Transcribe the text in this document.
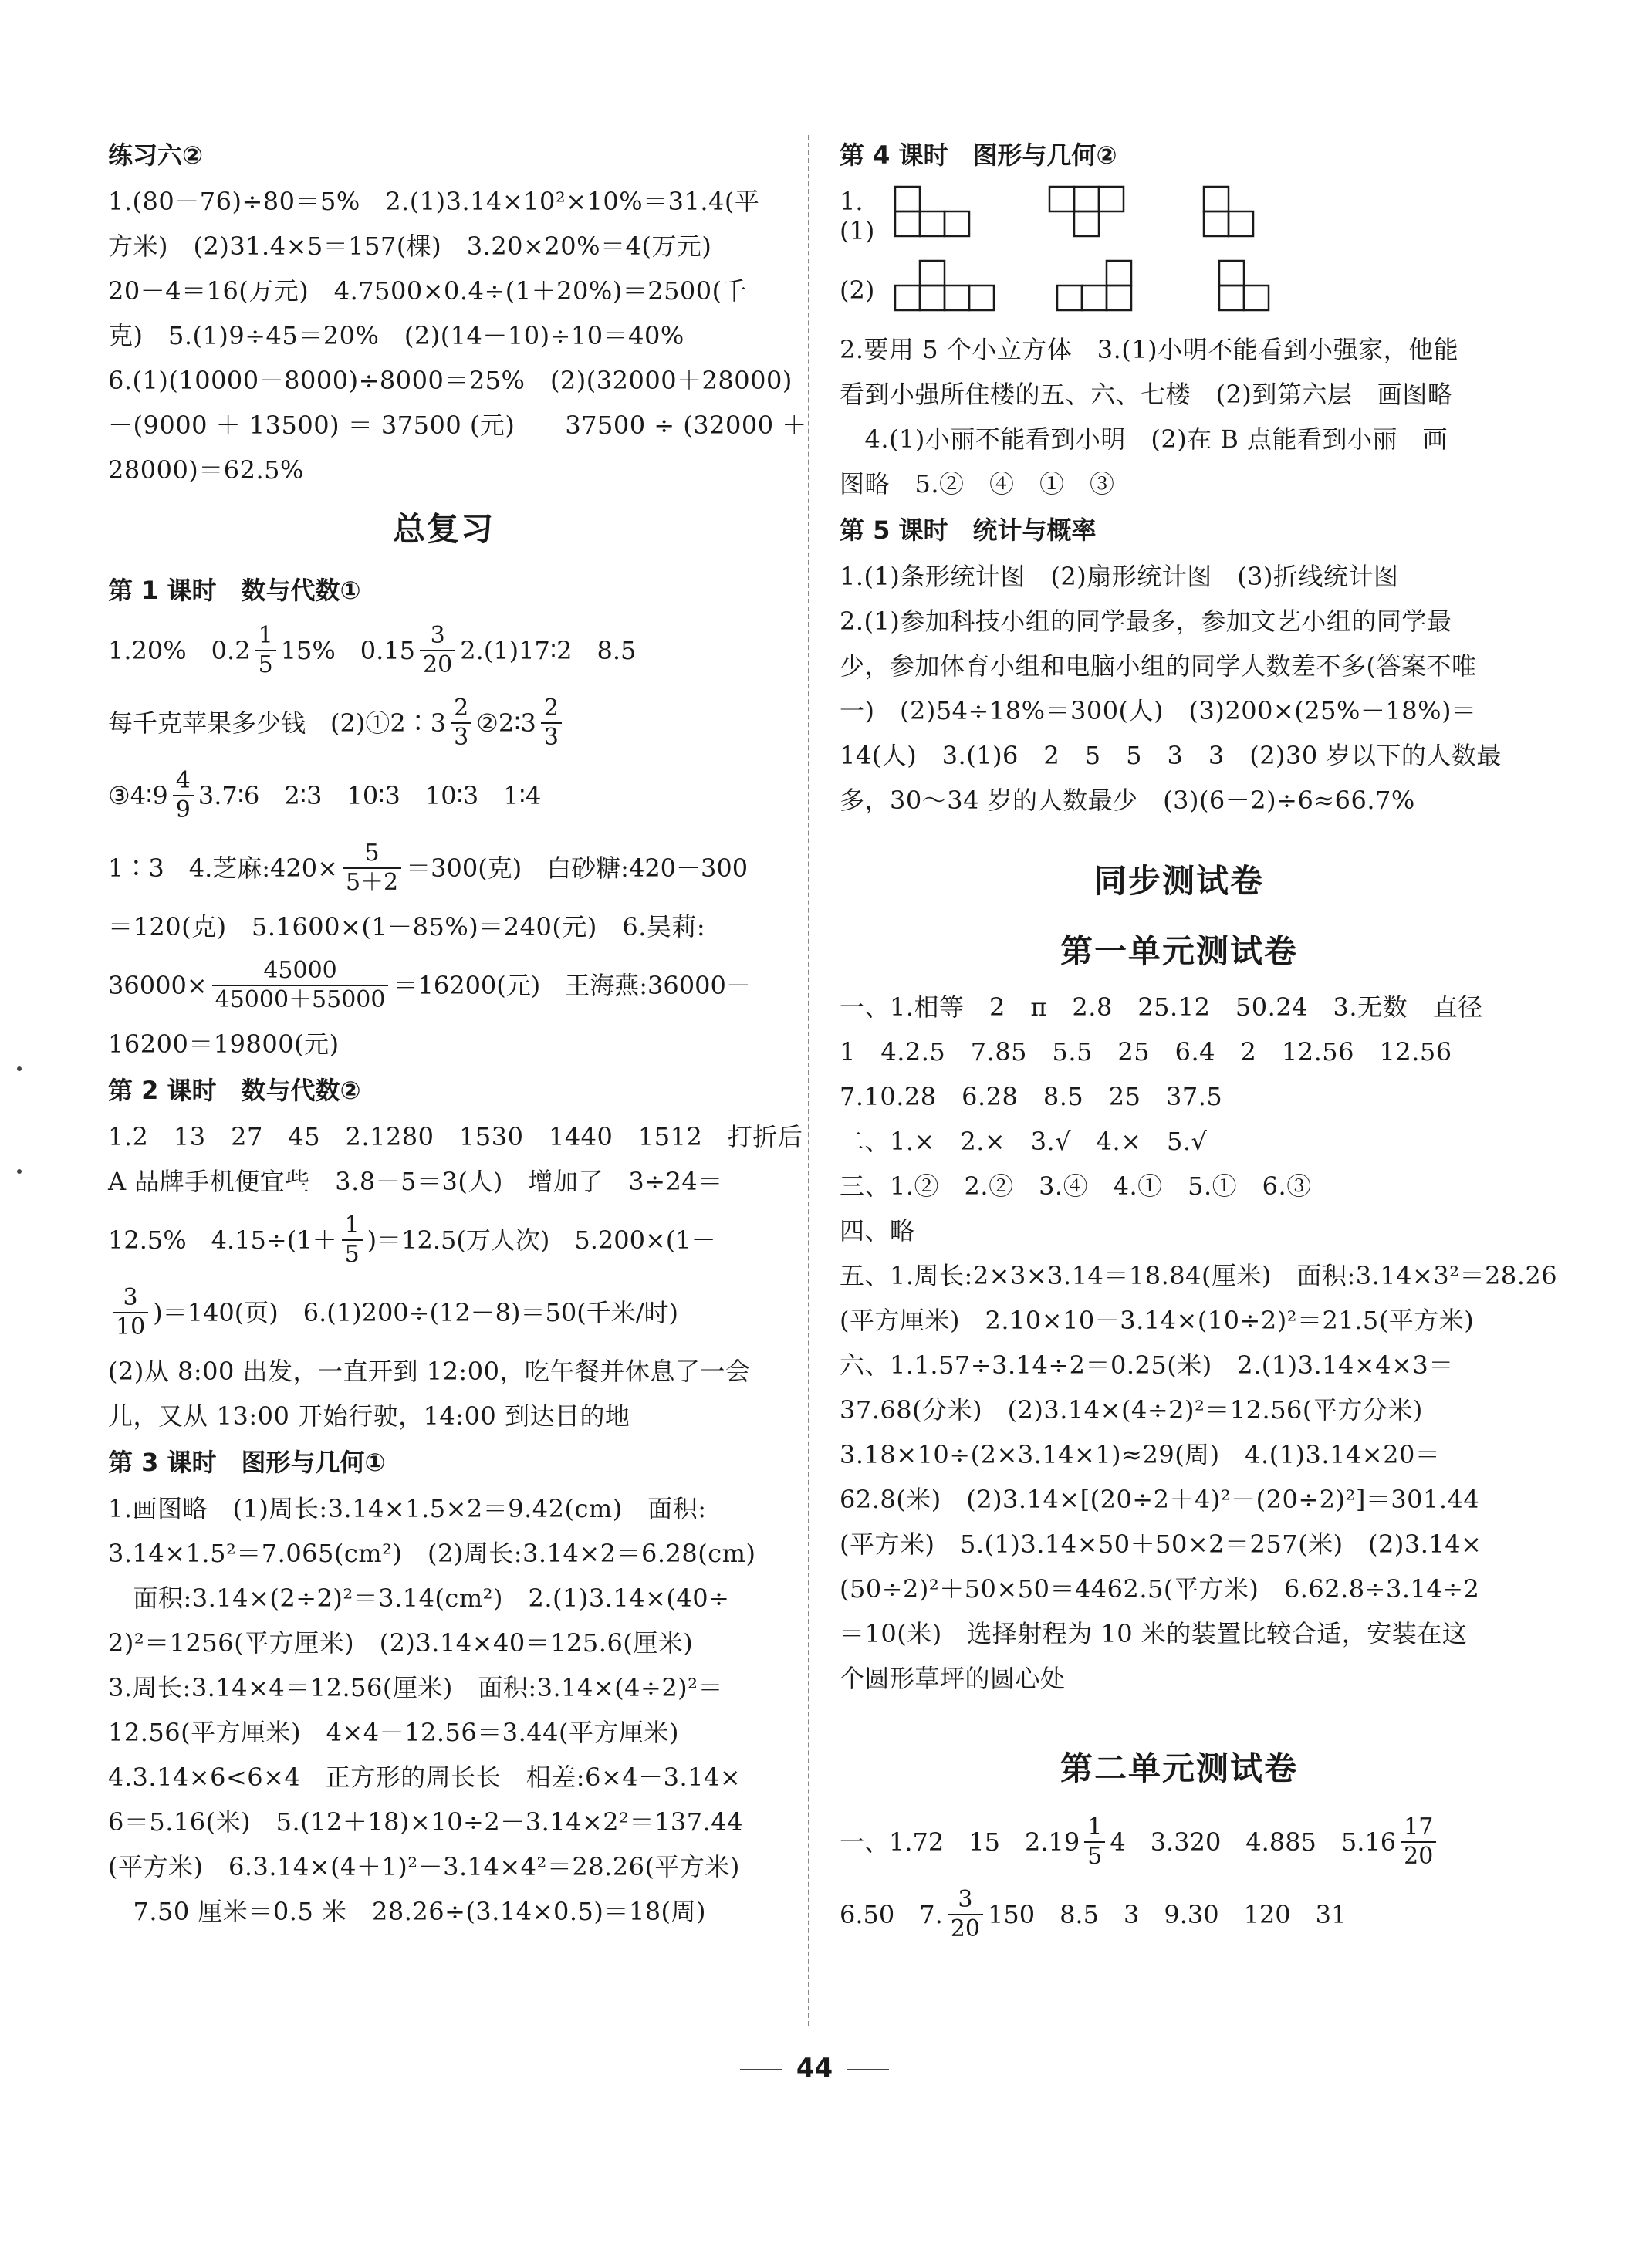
练习六②
1.(80－76)÷80＝5%　2.(1)3.14×10²×10%＝31.4(平
方米)　(2)31.4×5＝157(棵)　3.20×20%＝4(万元)
20－4＝16(万元)　4.7500×0.4÷(1＋20%)＝2500(千
克)　5.(1)9÷45＝20%　(2)(14－10)÷10＝40%
6.(1)(10000－8000)÷8000＝25%　(2)(32000＋28000)
－(9000 ＋ 13500) ＝ 37500 (元)　　37500 ÷ (32000 ＋
28000)＝62.5%
总复习
第 1 课时　数与代数①
1.20%　$0.2 \frac{1}{5} 15\%$　$0.15 \frac{3}{20}$ 2.(1)17∶2　8.5
每千克苹果多少钱　(2)①2∶3 $\frac{2}{3}$ ②2∶3 $\frac{2}{3}$
③4∶9 $\frac{4}{9}$ 3.7∶6　2∶3　10∶3　10∶3　1∶4
1∶3　4.芝麻:420× $\frac{5}{5+2} =300$(克)　白砂糖:420－300
＝120(克)　5.1600×(1－85%)＝240(元)　6.吴莉:
$36000\times \frac{45000}{45000+55000} =16200$(元)　王海燕:36000－
16200＝19800(元)
第 2 课时　数与代数②
1.2　13　27　45　2.1280　1530　1440　1512　打折后
A 品牌手机便宜些　3.8－5＝3(人)　增加了　3÷24＝
12.5%　$4.15\div(1+ \frac{1}{5} )=12.5$(万人次)　5.200×(1－
$\frac{3}{10} )=140$(页)　6.(1)200÷(12－8)＝50(千米/时)
(2)从 8:00 出发，一直开到 12:00，吃午餐并休息了一会
儿，又从 13:00 开始行驶，14:00 到达目的地
第 3 课时　图形与几何①
1.画图略　(1)周长:3.14×1.5×2＝9.42(cm)　面积:
3.14×1.5²＝7.065(cm²)　(2)周长:3.14×2＝6.28(cm)
　面积:3.14×(2÷2)²＝3.14(cm²)　2.(1)3.14×(40÷
2)²＝1256(平方厘米)　(2)3.14×40＝125.6(厘米)
3.周长:3.14×4＝12.56(厘米)　面积:3.14×(4÷2)²＝
12.56(平方厘米)　4×4－12.56＝3.44(平方厘米)
4.3.14×6<6×4　正方形的周长长　相差:6×4－3.14×
6＝5.16(米)　5.(12＋18)×10÷2－3.14×2²＝137.44
(平方米)　6.3.14×(4＋1)²－3.14×4²＝28.26(平方米)
　7.50 厘米＝0.5 米　28.26÷(3.14×0.5)＝18(周)
第 4 课时　图形与几何②
1.(1)
(2)
2.要用 5 个小立方体　3.(1)小明不能看到小强家，他能
看到小强所住楼的五、六、七楼　(2)到第六层　画图略
　4.(1)小丽不能看到小明　(2)在 B 点能看到小丽　画
图略　5.②　④　①　③
第 5 课时　统计与概率
1.(1)条形统计图　(2)扇形统计图　(3)折线统计图
2.(1)参加科技小组的同学最多，参加文艺小组的同学最
少，参加体育小组和电脑小组的同学人数差不多(答案不唯
一)　(2)54÷18%＝300(人)　(3)200×(25%－18%)＝
14(人)　3.(1)6　2　5　5　3　3　(2)30 岁以下的人数最
多，30～34 岁的人数最少　(3)(6－2)÷6≈66.7%
同步测试卷
第一单元测试卷
一、1.相等　2　π　2.8　25.12　50.24　3.无数　直径
1　4.2.5　7.85　5.5　25　6.4　2　12.56　12.56
7.10.28　6.28　8.5　25　37.5
二、1.×　2.×　3.√　4.×　5.√
三、1.②　2.②　3.④　4.①　5.①　6.③
四、略
五、1.周长:2×3×3.14＝18.84(厘米)　面积:3.14×3²＝28.26
(平方厘米)　2.10×10－3.14×(10÷2)²＝21.5(平方米)
六、1.1.57÷3.14÷2＝0.25(米)　2.(1)3.14×4×3＝
37.68(分米)　(2)3.14×(4÷2)²＝12.56(平方分米)
3.18×10÷(2×3.14×1)≈29(周)　4.(1)3.14×20＝
62.8(米)　(2)3.14×[(20÷2＋4)²－(20÷2)²]＝301.44
(平方米)　5.(1)3.14×50＋50×2＝257(米)　(2)3.14×
(50÷2)²＋50×50＝4462.5(平方米)　6.62.8÷3.14÷2
＝10(米)　选择射程为 10 米的装置比较合适，安装在这
个圆形草坪的圆心处
第二单元测试卷
一、1.72　15　$2.19 \frac{1}{5} 4$　3.320　4.885　$5.16 \frac{17}{20}$
6.50　7. $\frac{3}{20} 150$　8.5　3　9.30　120　31
44
